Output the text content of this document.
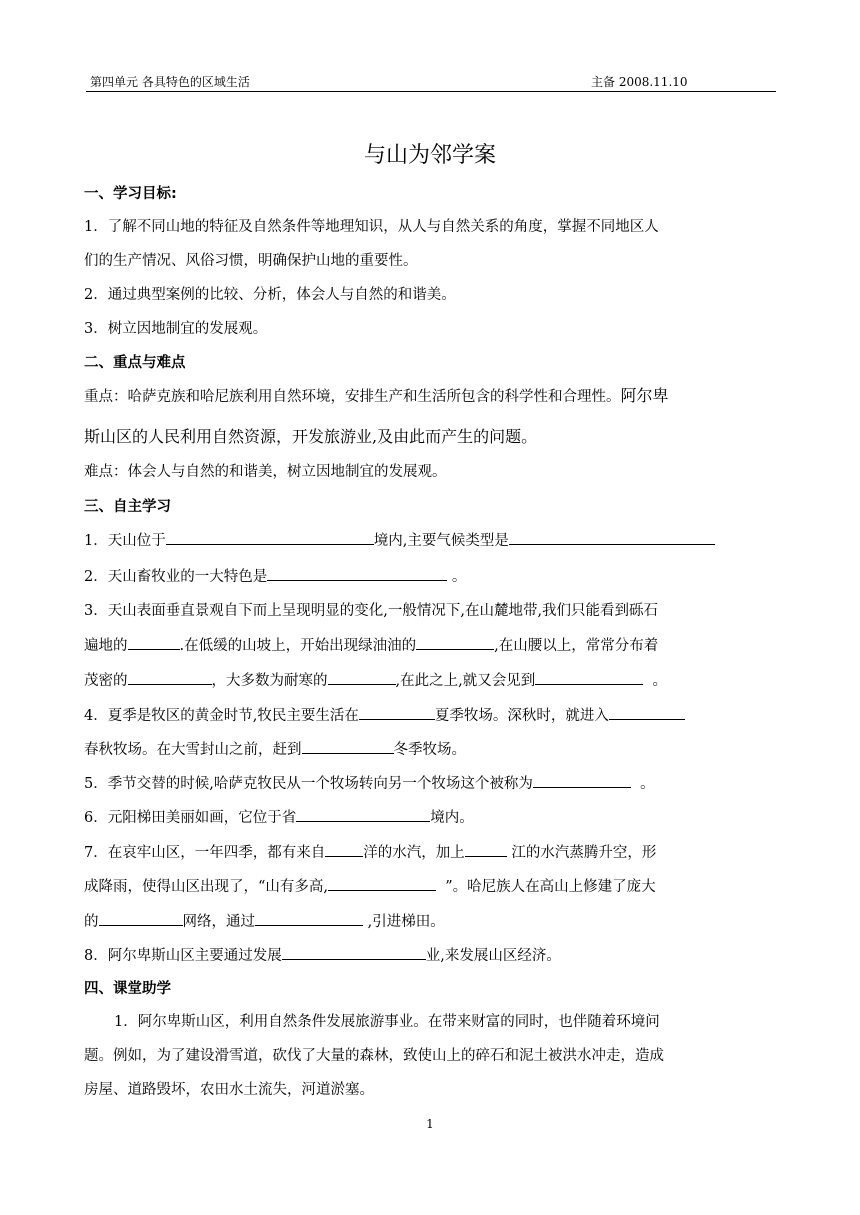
第四单元 各具特色的区域生活	主备 2008.11.10
与山为邻学案
一、学习目标:
1．了解不同山地的特征及自然条件等地理知识，从人与自然关系的角度，掌握不同地区人
们的生产情况、风俗习惯，明确保护山地的重要性。
2．通过典型案例的比较、分析，体会人与自然的和谐美。
3．树立因地制宜的发展观。
二、重点与难点
重点：哈萨克族和哈尼族利用自然环境，安排生产和生活所包含的科学性和合理性。阿尔卑
斯山区的人民利用自然资源，开发旅游业,及由此而产生的问题。
难点：体会人与自然的和谐美，树立因地制宜的发展观。
三、自主学习
1．天山位于	境内,主要气候类型是
2．天山畜牧业的一大特色是	。
3．天山表面垂直景观自下而上呈现明显的变化,一般情况下,在山麓地带,我们只能看到砾石
遍地的	.在低缓的山坡上，开始出现绿油油的	,在山腰以上，常常分布着
茂密的	，大多数为耐寒的	,在此之上,就又会见到	。
4．夏季是牧区的黄金时节,牧民主要生活在	夏季牧场。深秋时，就进入
春秋牧场。在大雪封山之前，赶到	冬季牧场。
5．季节交替的时候,哈萨克牧民从一个牧场转向另一个牧场这个被称为	。
6．元阳梯田美丽如画，它位于省	境内。
7．在哀牢山区，一年四季，都有来自	洋的水汽，加上	江的水汽蒸腾升空，形
成降雨，使得山区出现了，“山有多高,	”。哈尼族人在高山上修建了庞大
的	网络，通过	,引进梯田。
8．阿尔卑斯山区主要通过发展	业,来发展山区经济。
四、课堂助学
1．阿尔卑斯山区，利用自然条件发展旅游事业。在带来财富的同时，也伴随着环境问
题。例如，为了建设滑雪道，砍伐了大量的森林，致使山上的碎石和泥土被洪水冲走，造成
房屋、道路毁坏，农田水土流失，河道淤塞。
1
